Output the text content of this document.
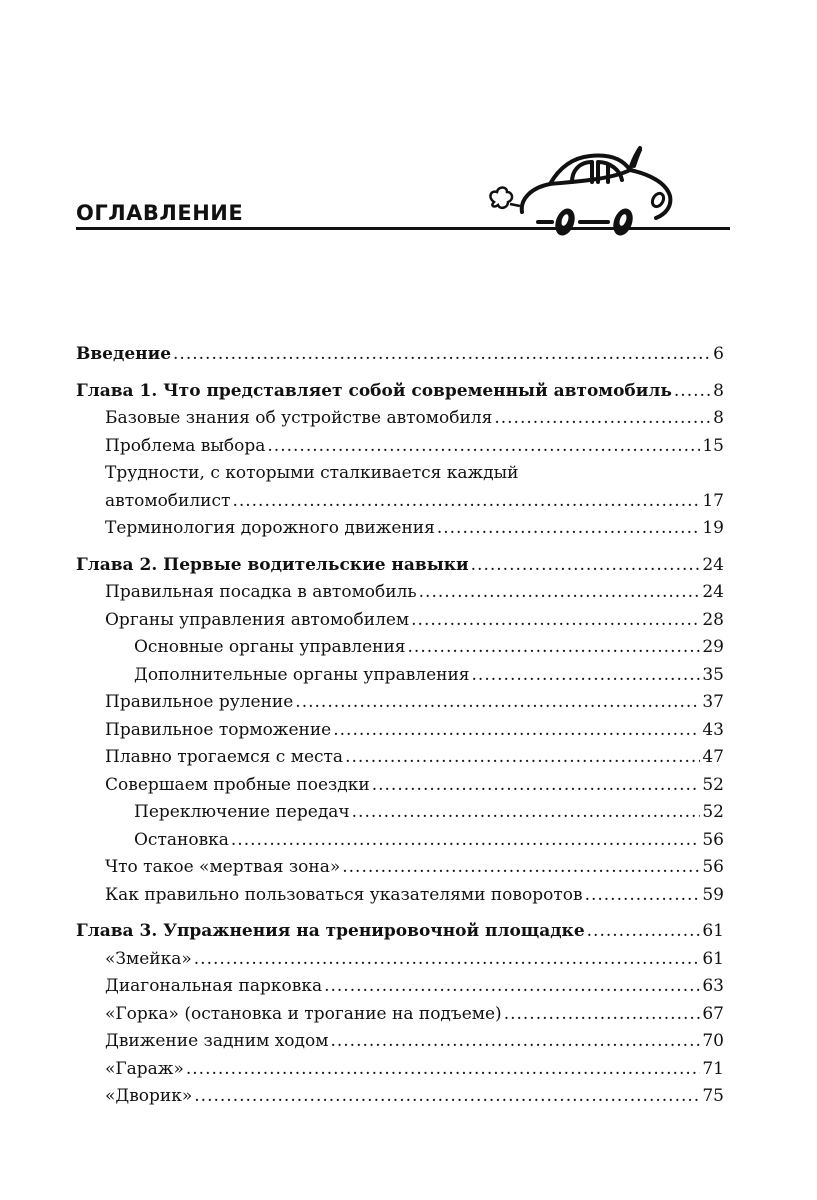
ОГЛАВЛЕНИЕ
Введение .....	6
Глава 1. Что представляет собой современный автомобиль ..... 8
Базовые знания об устройстве автомобиля .....	8
Проблема выбора .....	15
Трудности, с которыми сталкивается каждый
автомобилист .....	17
Терминология дорожного движения .....	19
Глава 2. Первые водительские навыки .....	24
Правильная посадка в автомобиль .....	24
Органы управления автомобилем .....	28
Основные органы управления .....	29
Дополнительные органы управления .....	35
Правильное руление .....	37
Правильное торможение .....	43
Плавно трогаемся с места .....	47
Совершаем пробные поездки .....	52
Переключение передач .....	52
Остановка .....	56
Что такое «мертвая зона» .....	56
Как правильно пользоваться указателями поворотов .....	59
Глава 3. Упражнения на тренировочной площадке .....	61
«Змейка» .....	61
Диагональная парковка .....	63
«Горка» (остановка и трогание на подъеме) .....	67
Движение задним ходом .....	70
«Гараж» .....	71
«Дворик» .....	75
